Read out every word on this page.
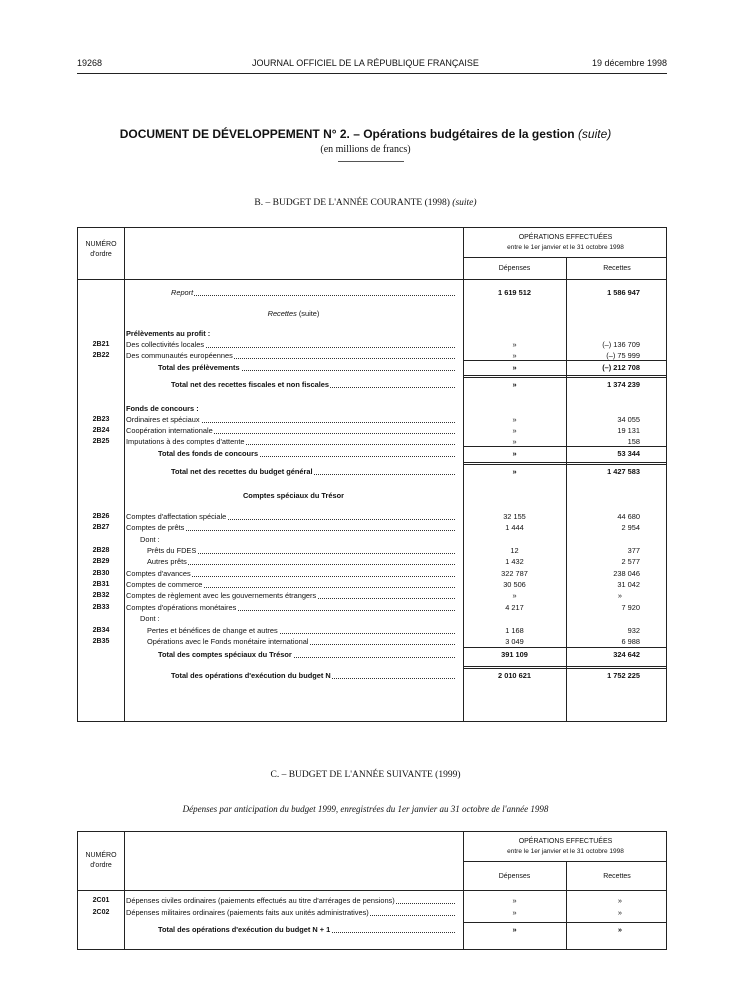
19268	JOURNAL OFFICIEL DE LA RÉPUBLIQUE FRANÇAISE	19 décembre 1998
DOCUMENT DE DÉVELOPPEMENT N° 2. – Opérations budgétaires de la gestion (suite)
(en millions de francs)
B. – BUDGET DE L'ANNÉE COURANTE (1998) (suite)
NUMÉRO
d'ordre
OPÉRATIONS EFFECTUÉES
entre le 1er janvier et le 31 octobre 1998
Dépenses	Recettes
Report	1 619 512	1 586 947
Recettes (suite)
Prélèvements au profit :
2B21	Des collectivités locales	»	(–) 136 709
2B22	Des communautés européennes	»	(–) 75 999
Total des prélèvements	»	(–) 212 708
Total net des recettes fiscales et non fiscales	»	1 374 239
Fonds de concours :
2B23	Ordinaires et spéciaux	»	34 055
2B24	Coopération internationale	»	19 131
2B25	Imputations à des comptes d'attente	»	158
Total des fonds de concours	»	53 344
Total net des recettes du budget général	»	1 427 583
Comptes spéciaux du Trésor
2B26	Comptes d'affectation spéciale	32 155	44 680
2B27	Comptes de prêts	1 444	2 954
Dont :
2B28	Prêts du FDES	12	377
2B29	Autres prêts	1 432	2 577
2B30	Comptes d'avances	322 787	238 046
2B31	Comptes de commerce	30 506	31 042
2B32	Comptes de règlement avec les gouvernements étrangers	»	»
2B33	Comptes d'opérations monétaires	4 217	7 920
Dont :
2B34	Pertes et bénéfices de change et autres	1 168	932
2B35	Opérations avec le Fonds monétaire international	3 049	6 988
Total des comptes spéciaux du Trésor	391 109	324 642
Total des opérations d'exécution du budget N	2 010 621	1 752 225
C. – BUDGET DE L'ANNÉE SUIVANTE (1999)
Dépenses par anticipation du budget 1999, enregistrées du 1er janvier au 31 octobre de l'année 1998
NUMÉRO
d'ordre
OPÉRATIONS EFFECTUÉES
entre le 1er janvier et le 31 octobre 1998
Dépenses	Recettes
2C01	Dépenses civiles ordinaires (paiements effectués au titre d'arrérages de pensions)	»	»
2C02	Dépenses militaires ordinaires (paiements faits aux unités administratives)	»	»
Total des opérations d'exécution du budget N + 1	»	»
